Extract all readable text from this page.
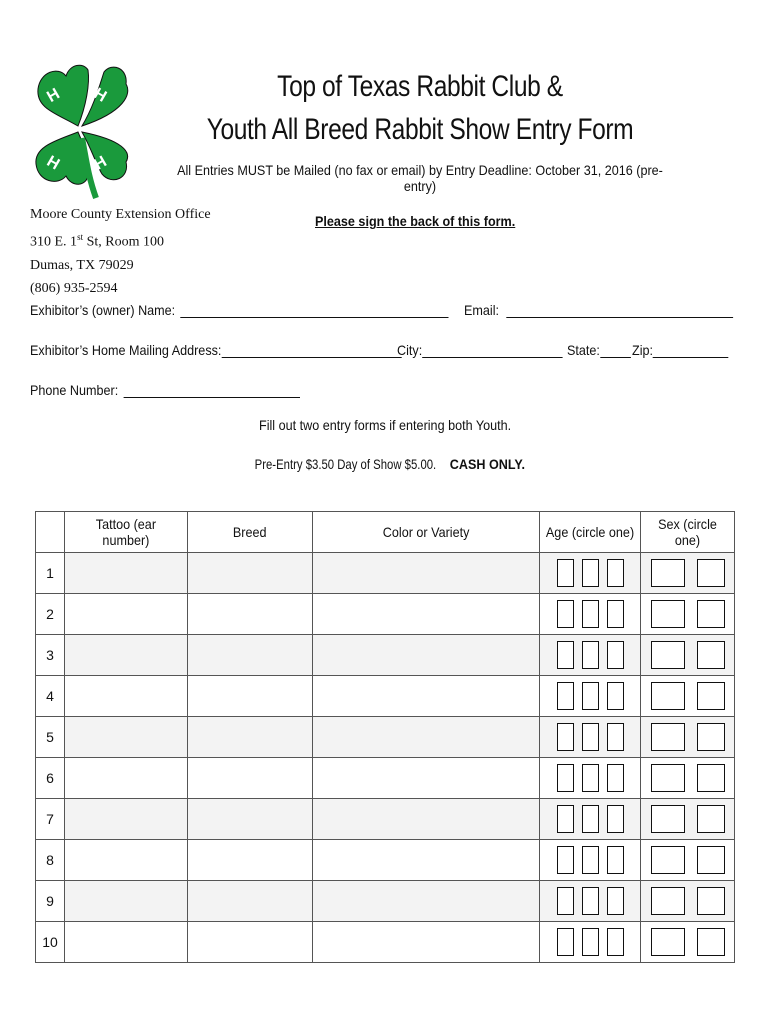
H H
H H
Top of Texas Rabbit Club &
Youth All Breed Rabbit Show Entry Form
All Entries MUST be Mailed (no fax or email) by Entry Deadline: October 31, 2016 (pre-entry)
Moore County Extension Office
310 E. 1st St, Room 100
Dumas, TX 79029
(806) 935-2594
Please sign the back of this form.
Exhibitor’s (owner) Name:	Email:
Exhibitor’s Home Mailing Address:	City:	State:	Zip:
Phone Number:
Fill out two entry forms if entering both Youth.
Pre-Entry $3.50 Day of Show $5.00. CASH ONLY.
	Tattoo (ear number)	Breed	Color or Variety	Age (circle one)	Sex (circle one)
1				

2				

3				

4				

5				

6				

7				

8				

9				

10				
